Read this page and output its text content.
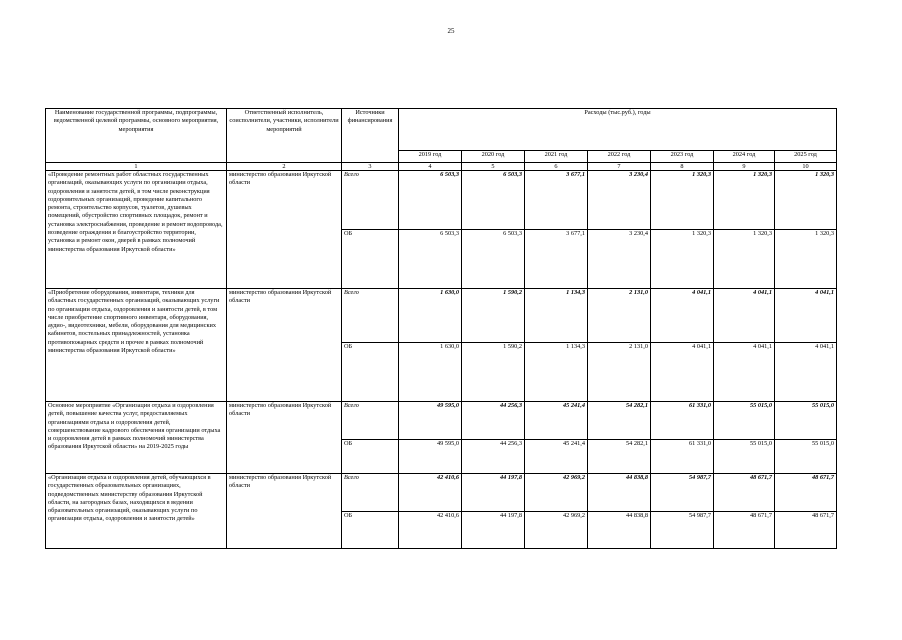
25
Наименование государственной программы, подпрограммы, ведомственной целевой программы, основного мероприятия, мероприятия	Ответственный исполнитель, соисполнители, участники, исполнители мероприятий	Источники финансирования	Расходы (тыс.руб.), годы						
			2019 год	2020 год	2021 год	2022 год	2023 год	2024 год	2025 год
1	2	3	4	5	6	7	8	9	10
«Проведение ремонтных работ областных государственных организаций, оказывающих услуги по организации отдыха, оздоровления и занятости детей, в том числе реконструкция оздоровительных организаций, проведение капитального ремонта, строительство корпусов, туалетов, душевых помещений, обустройство спортивных площадок, ремонт и установка электроснабжения, проведение и ремонт водопровода, возведение ограждения и благоустройство территории, установка и ремонт окон, дверей в рамках полномочий министерства образования Иркутской области»	министерство образования Иркутской области	Всего	6 503,3	6 503,3	3 677,1	3 230,4	1 320,3	1 320,3	1 320,3
		ОБ	6 503,3	6 503,3	3 677,1	3 230,4	1 320,3	1 320,3	1 320,3
«Приобретение оборудования, инвентаря, техники для областных государственных организаций, оказывающих услуги по организации отдыха, оздоровления и занятости детей, в том числе приобретение спортивного инвентаря, оборудования, аудио-, видеотехники, мебели, оборудования для медицинских кабинетов, постельных принадлежностей, установка противопожарных средств и прочее в рамках полномочий министерства образования Иркутской области»	министерство образования Иркутской области	Всего	1 630,0	1 590,2	1 134,3	2 131,0	4 041,1	4 041,1	4 041,1
		ОБ	1 630,0	1 590,2	1 134,3	2 131,0	4 041,1	4 041,1	4 041,1
Основное мероприятие «Организация отдыха и оздоровления детей, повышение качества услуг, предоставляемых организациями отдыха и оздоровления детей, совершенствование кадрового обеспечения организации отдыха и оздоровления детей в рамках полномочий министерства образования Иркутской области» на 2019-2025 годы	министерство образования Иркутской области	Всего	49 595,0	44 256,3	45 241,4	54 282,1	61 331,0	55 015,0	55 015,0
		ОБ	49 595,0	44 256,3	45 241,4	54 282,1	61 331,0	55 015,0	55 015,0
«Организация отдыха и оздоровления детей, обучающихся в государственных образовательных организациях, подведомственных министерству образования Иркутской области, на загородных базах, находящихся в ведении образовательных организаций, оказывающих услуги по организации отдыха, оздоровления и занятости детей»	министерство образования Иркутской области	Всего	42 410,6	44 197,8	42 969,2	44 838,8	54 987,7	48 671,7	48 671,7
		ОБ	42 410,6	44 197,8	42 969,2	44 838,8	54 987,7	48 671,7	48 671,7
